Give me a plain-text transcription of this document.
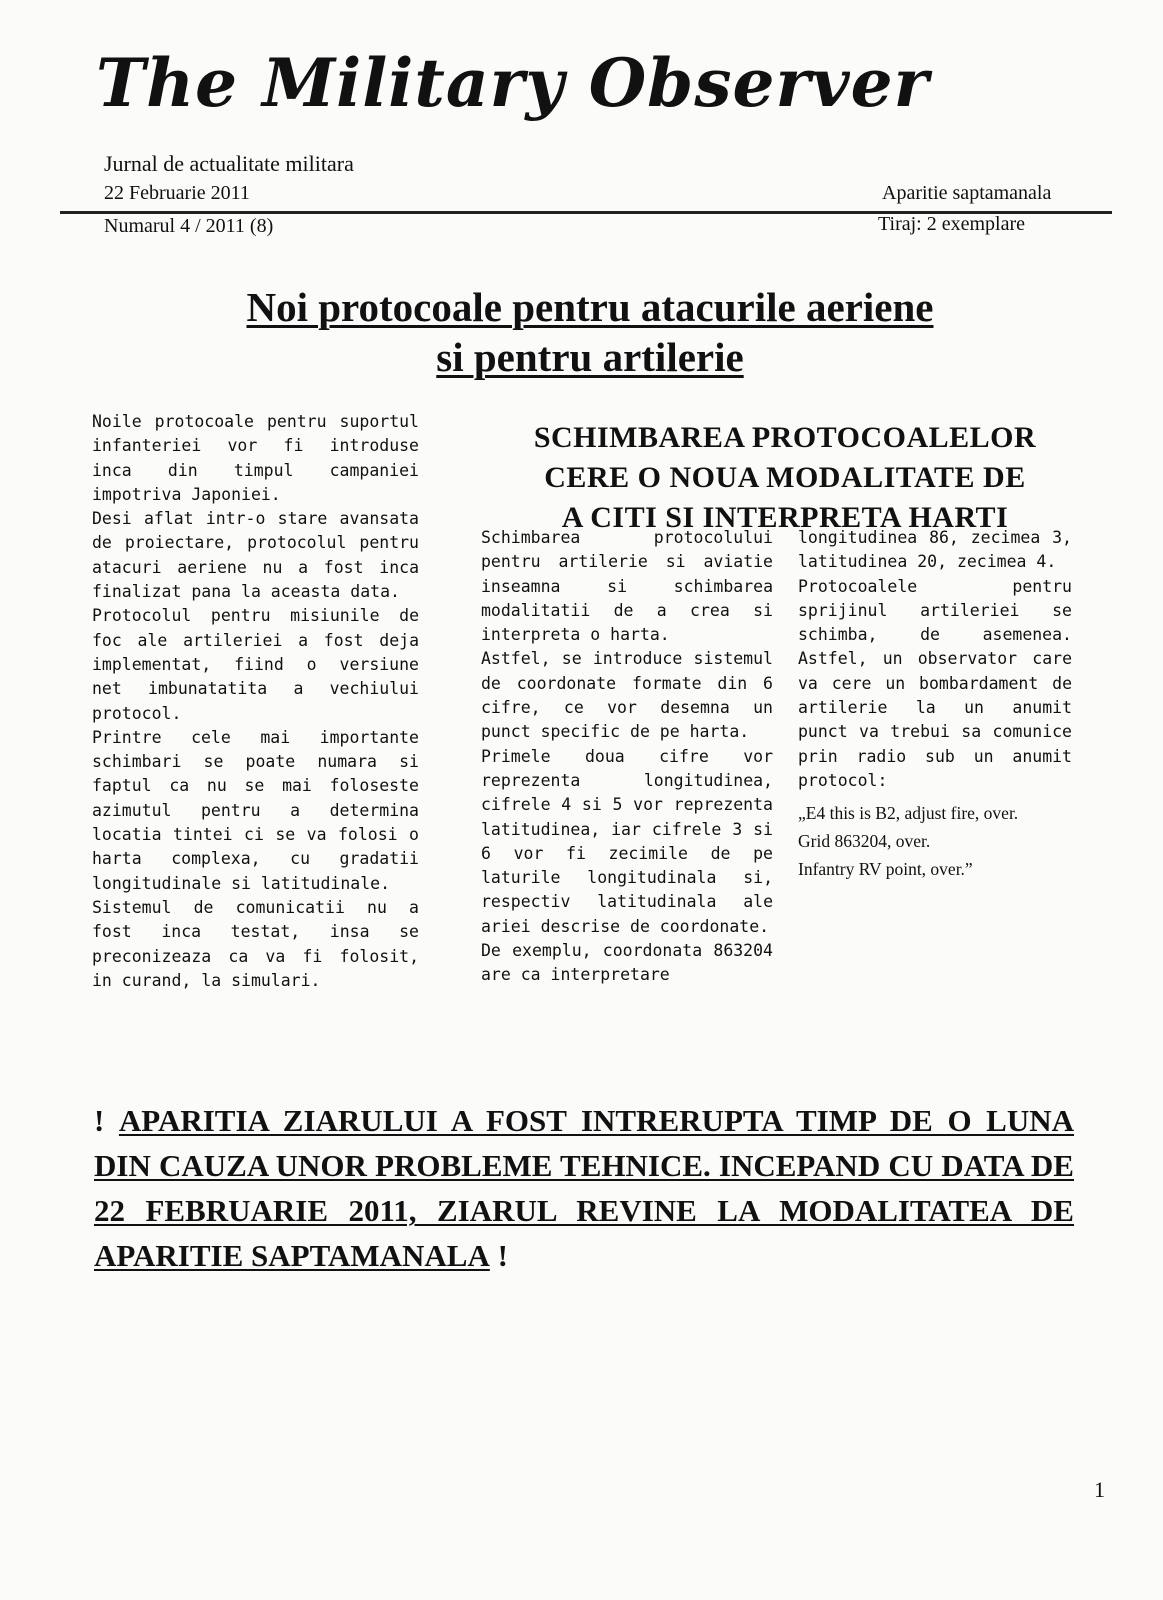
The Military Observer
Jurnal de actualitate militara
22 Februarie 2011	Aparitie saptamanala
Numarul 4 / 2011 (8)	Tiraj: 2 exemplare
Noi protocoale pentru atacurile aeriene
si pentru artilerie

Noile protocoale pentru suportul infanteriei vor fi introduse inca din timpul campaniei impotriva Japoniei.

Desi aflat intr-o stare avansata de proiectare, protocolul pentru atacuri aeriene nu a fost inca finalizat pana la aceasta data.

Protocolul pentru misiunile de foc ale artileriei a fost deja implementat, fiind o versiune net imbunatatita a vechiului protocol.

Printre cele mai importante schimbari se poate numara si faptul ca nu se mai foloseste azimutul pentru a determina locatia tintei ci se va folosi o harta complexa, cu gradatii longitudinale si latitudinale.

Sistemul de comunicatii nu a fost inca testat, insa se preconizeaza ca va fi folosit, in curand, la simulari.

SCHIMBAREA PROTOCOALELOR
CERE O NOUA MODALITATE DE
A CITI SI INTERPRETA HARTI

Schimbarea protocolului pentru artilerie si aviatie inseamna si schimbarea modalitatii de a crea si interpreta o harta.

Astfel, se introduce sistemul de coordonate formate din 6 cifre, ce vor desemna un punct specific de pe harta.

Primele doua cifre vor reprezenta longitudinea, cifrele 4 si 5 vor reprezenta latitudinea, iar cifrele 3 si 6 vor fi zecimile de pe laturile longitudinala si, respectiv latitudinala ale ariei descrise de coordonate.

De exemplu, coordonata 863204 are ca interpretare

longitudinea 86, zecimea 3, latitudinea 20, zecimea 4.

Protocoalele pentru sprijinul artileriei se schimba, de asemenea. Astfel, un observator care va cere un bombardament de artilerie la un anumit punct va trebui sa comunice prin radio sub un anumit protocol:

„E4 this is B2, adjust fire, over.
Grid 863204, over.
Infantry RV point, over.”
! APARITIA ZIARULUI A FOST INTRERUPTA TIMP DE O LUNA DIN CAUZA UNOR PROBLEME TEHNICE. INCEPAND CU DATA DE 22 FEBRUARIE 2011, ZIARUL REVINE LA MODALITATEA DE APARITIE SAPTAMANALA !
1
